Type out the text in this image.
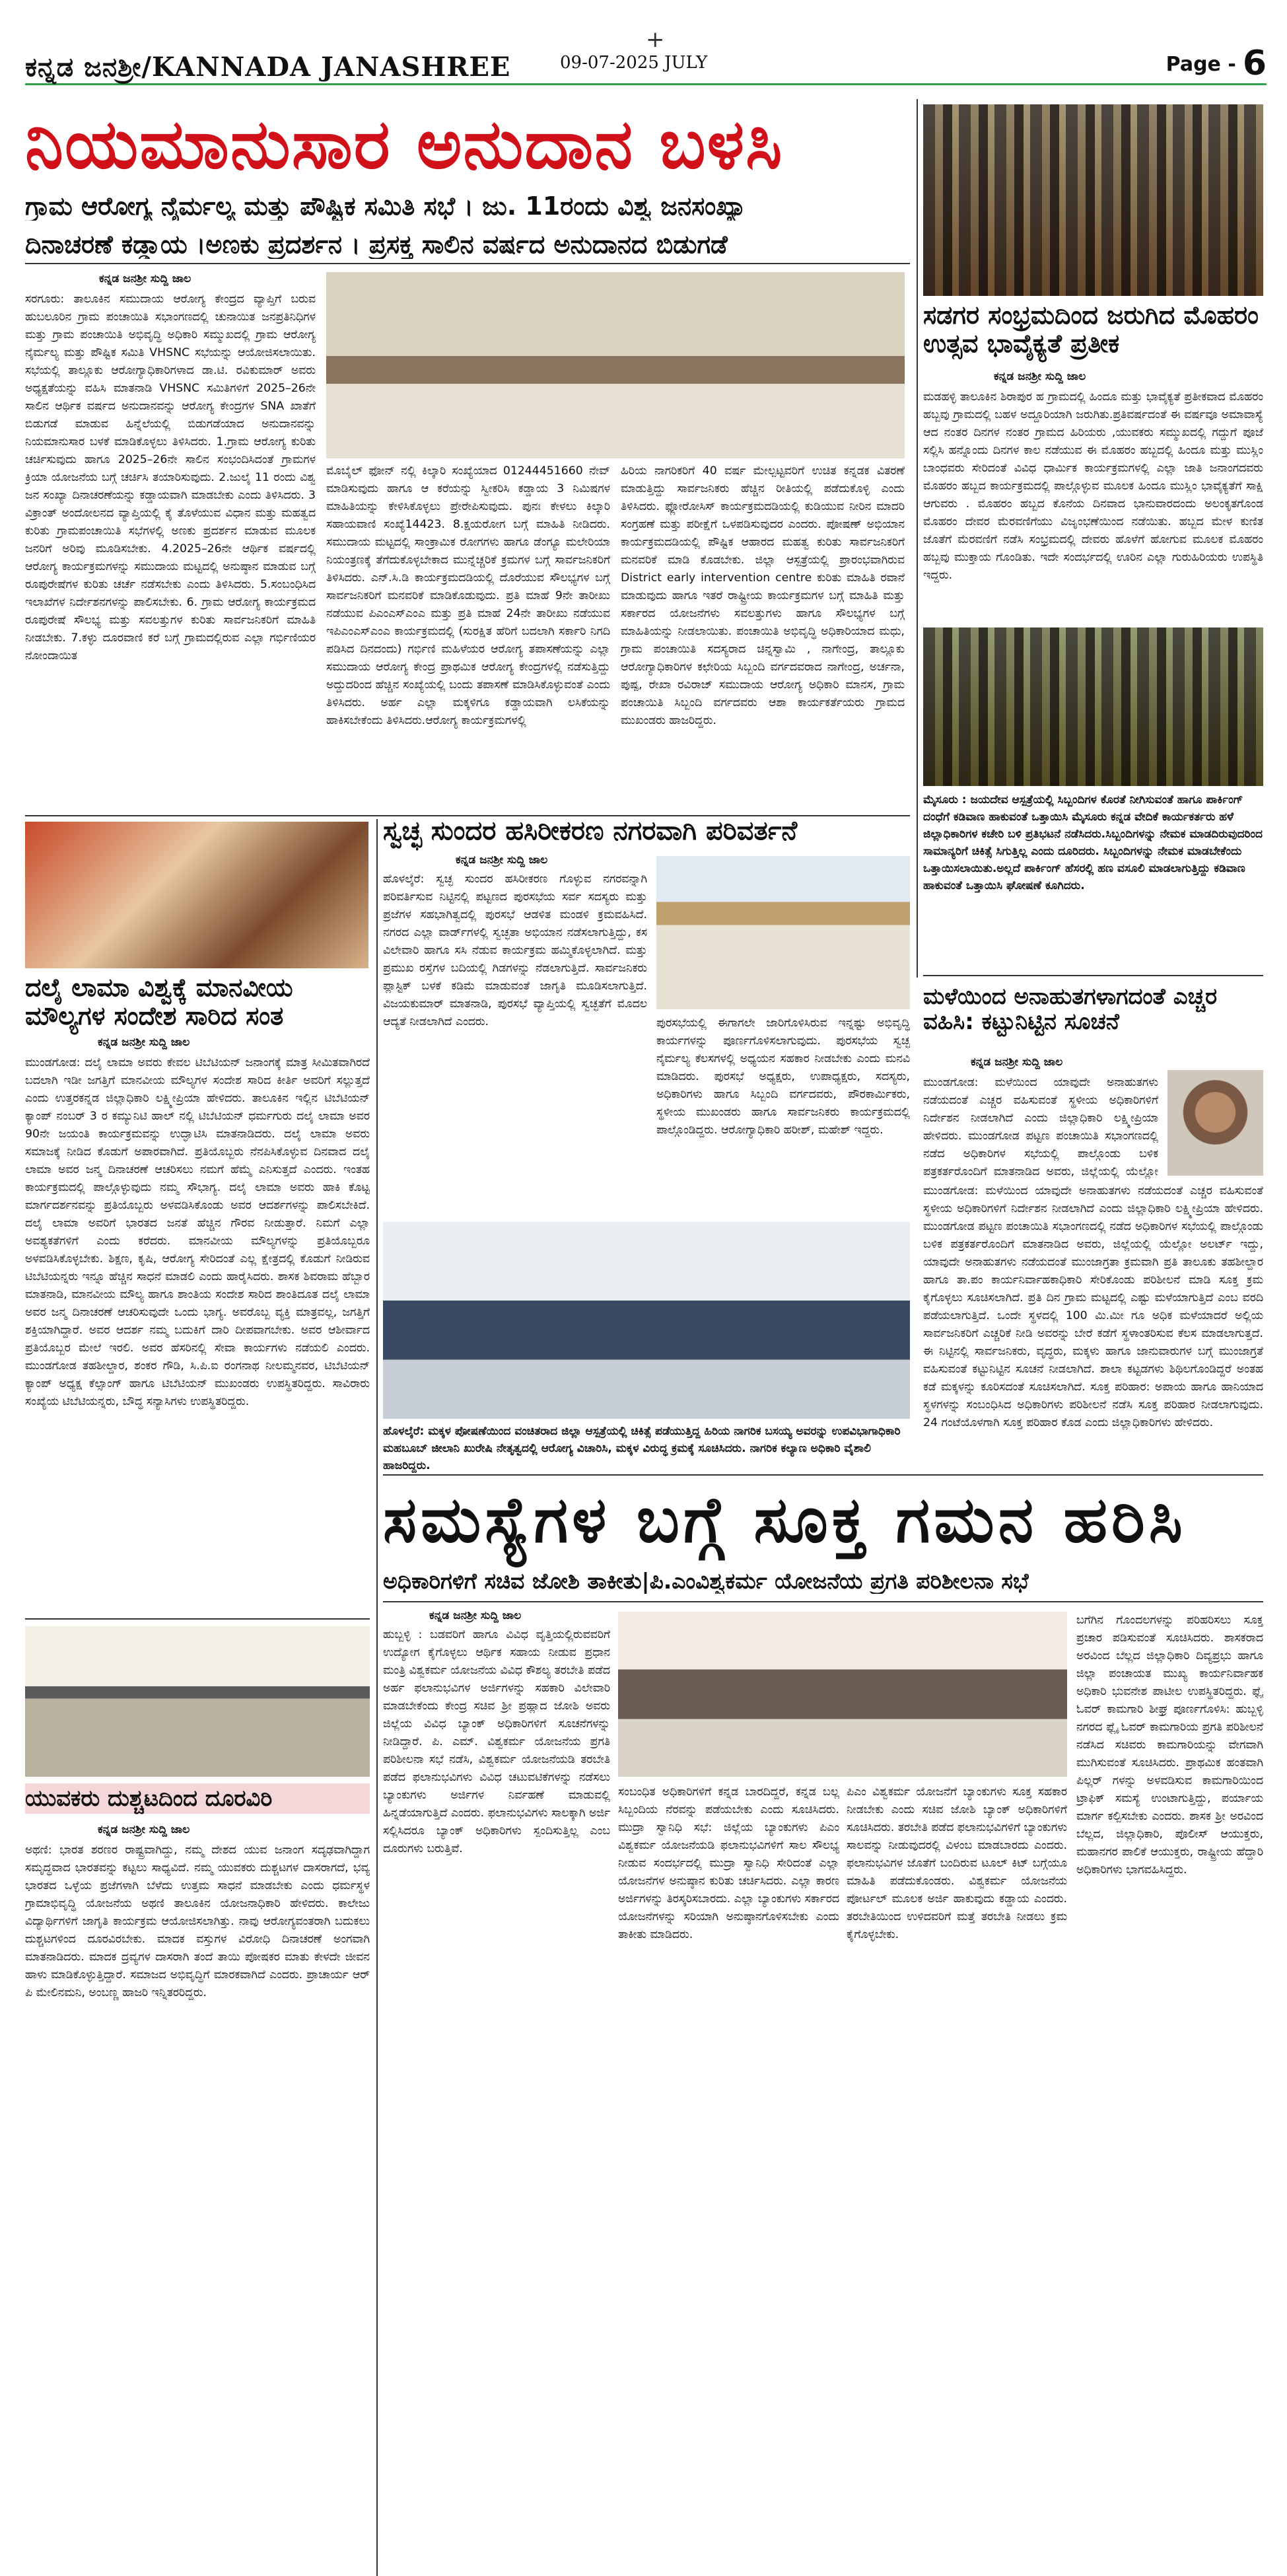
ಕನ್ನಡ ಜನಶ್ರೀ/KANNADA JANASHREE
+
09-07-2025 JULY	Page - 6
ನಿಯಮಾನುಸಾರ ಅನುದಾನ ಬಳಸಿ
ಗ್ರಾಮ ಆರೋಗ್ಯ ನೈರ್ಮಲ್ಯ ಮತ್ತು ಪೌಷ್ಟಿಕ ಸಮಿತಿ ಸಭೆ । ಜು. 11ರಂದು ವಿಶ್ವ ಜನಸಂಖ್ಯಾ
ದಿನಾಚರಣೆ ಕಡ್ಡಾಯ ।ಅಣಕು ಪ್ರದರ್ಶನ । ಪ್ರಸಕ್ತ ಸಾಲಿನ ವರ್ಷದ ಅನುದಾನದ ಬಿಡುಗಡೆ
ಕನ್ನಡ ಜನಶ್ರೀ ಸುದ್ದಿ ಜಾಲ
ಸರಗೂರು: ತಾಲೂಕಿನ ಸಮುದಾಯ ಆರೋಗ್ಯ ಕೇಂದ್ರದ ವ್ಯಾಪ್ತಿಗೆ ಬರುವ ಹುಬಲೂರಿನ ಗ್ರಾಮ ಪಂಚಾಯಿತಿ ಸಭಾಂಗಣದಲ್ಲಿ ಚುನಾಯಿತ ಜನಪ್ರತಿನಿಧಿಗಳ ಮತ್ತು ಗ್ರಾಮ ಪಂಚಾಯಿತಿ ಅಭಿವೃದ್ಧಿ ಅಧಿಕಾರಿ ಸಮ್ಮುಖದಲ್ಲಿ ಗ್ರಾಮ ಆರೋಗ್ಯ ನೈರ್ಮಲ್ಯ ಮತ್ತು ಪೌಷ್ಟಿಕ ಸಮಿತಿ VHSNC ಸಭೆಯನ್ನು ಆಯೋಜಿಸಲಾಯಿತು. ಸಭೆಯಲ್ಲಿ ತಾಲ್ಲೂಕು ಆರೋಗ್ಯಾಧಿಕಾರಿಗಳಾದ ಡಾ.ಟಿ. ರವಿಕುಮಾರ್ ಅವರು ಅಧ್ಯಕ್ಷತೆಯನ್ನು ವಹಿಸಿ ಮಾತನಾಡಿ VHSNC ಸಮಿತಿಗಳಿಗೆ 2025–26ನೇ ಸಾಲಿನ ಆರ್ಥಿಕ ವರ್ಷದ ಅನುದಾನವನ್ನು ಆರೋಗ್ಯ ಕೇಂದ್ರಗಳ SNA ಖಾತೆಗೆ ಬಿಡುಗಡೆ ಮಾಡುವ ಹಿನ್ನೆಲೆಯಲ್ಲಿ ಬಿಡುಗಡೆಯಾದ ಅನುದಾನವನ್ನು ನಿಯಮಾನುಸಾರ ಬಳಕೆ ಮಾಡಿಕೊಳ್ಳಲು ತಿಳಿಸಿದರು. 1.ಗ್ರಾಮ ಆರೋಗ್ಯ ಕುರಿತು ಚರ್ಚಿಸುವುದು ಹಾಗೂ 2025–26ನೇ ಸಾಲಿನ ಸಂಭಂದಿಸಿದಂತೆ ಗ್ರಾಮಗಳ ಕ್ರಿಯಾ ಯೋಜನೆಯ ಬಗ್ಗೆ ಚರ್ಚಿಸಿ ತಯಾರಿಸುವುದು. 2.ಜುಲೈ 11 ರಂದು ವಿಶ್ವ ಜನ ಸಂಖ್ಯಾ ದಿನಾಚರಣೆಯನ್ನು ಕಡ್ಡಾಯವಾಗಿ ಮಾಡಬೇಕು ಎಂದು ತಿಳಿಸಿದರು. 3 ವಿಕ್ರಾಂತ್ ಅಂದೋಲನದ ವ್ಯಾಪ್ತಿಯಲ್ಲಿ ಕೈ ತೊಳೆಯುವ ವಿಧಾನ ಮತ್ತು ಮಹತ್ವದ ಕುರಿತು ಗ್ರಾಮಪಂಚಾಯಿತಿ ಸಭೆಗಳಲ್ಲಿ ಅಣಕು ಪ್ರದರ್ಶನ ಮಾಡುವ ಮೂಲಕ ಜನರಿಗೆ ಅರಿವು ಮೂಡಿಸಬೇಕು. 4.2025–26ನೇ ಆರ್ಥಿಕ ವರ್ಷದಲ್ಲಿ ಆರೋಗ್ಯ ಕಾರ್ಯಕ್ರಮಗಳನ್ನು ಸಮುದಾಯ ಮಟ್ಟದಲ್ಲಿ ಅನುಷ್ಠಾನ ಮಾಡುವ ಬಗ್ಗೆ ರೂಪುರೇಷೆಗಳ ಕುರಿತು ಚರ್ಚೆ ನಡೆಸಬೇಕು ಎಂದು ತಿಳಿಸಿದರು. 5.ಸಂಬಂಧಿಸಿದ ಇಲಾಖೆಗಳ ನಿರ್ದೇಶನಗಳನ್ನು ಪಾಲಿಸಬೇಕು. 6. ಗ್ರಾಮ ಆರೋಗ್ಯ ಕಾರ್ಯಕ್ರಮದ ರೂಪುರೇಷೆ ಸೌಲಭ್ಯ ಮತ್ತು ಸವಲತ್ತುಗಳ ಕುರಿತು ಸಾರ್ವಜನಿಕರಿಗೆ ಮಾಹಿತಿ ನೀಡಬೇಕು. 7.ಕಳ್ಳು ದೂರವಾಣಿ ಕರೆ ಬಗ್ಗೆ ಗ್ರಾಮದಲ್ಲಿರುವ ಎಲ್ಲಾ ಗರ್ಭಿಣಿಯರ ನೋಂದಾಯಿತ
ಮೊಬೈಲ್ ಫೋನ್ ನಲ್ಲಿ ಕಿಲ್ಕಾರಿ ಸಂಖ್ಯೆಯಾದ 01244451660 ನೇವ್ ಮಾಡಿಸುವುದು ಹಾಗೂ ಆ ಕರೆಯನ್ನು ಸ್ವೀಕರಿಸಿ ಕಡ್ಡಾಯ 3 ನಿಮಿಷಗಳ ಮಾಹಿತಿಯನ್ನು ಕೇಳಿಸಿಕೊಳ್ಳಲು ಪ್ರೇರೇಪಿಸುವುದು. ಪುನಃ ಕೇಳಲು ಕಿಲ್ಕಾರಿ ಸಹಾಯವಾಣಿ ಸಂಖ್ಯೆ14423. 8.ಕ್ಷಯರೋಗ ಬಗ್ಗೆ ಮಾಹಿತಿ ನೀಡಿದರು. ಸಮುದಾಯ ಮಟ್ಟದಲ್ಲಿ ಸಾಂಕ್ರಾಮಿಕ ರೋಗಗಳು ಹಾಗೂ ಡೆಂಗ್ಯೂ ಮಲೇರಿಯಾ ನಿಯಂತ್ರಣಕ್ಕೆ ತೆಗೆದುಕೊಳ್ಳಬೇಕಾದ ಮುನ್ನೆಚ್ಚರಿಕೆ ಕ್ರಮಗಳ ಬಗ್ಗೆ ಸಾರ್ವಜನಿಕರಿಗೆ ತಿಳಿಸಿದರು. ಎನ್.ಸಿ.ಡಿ ಕಾರ್ಯಕ್ರಮದಡಿಯಲ್ಲಿ ದೊರೆಯುವ ಸೌಲಭ್ಯಗಳ ಬಗ್ಗೆ ಸಾರ್ವಜನಿಕರಿಗೆ ಮನವರಿಕೆ ಮಾಡಿಕೊಡುವುದು. ಪ್ರತಿ ಮಾಹೆ 9ನೇ ತಾರೀಖು ನಡೆಯುವ ಪಿಎಂಎಸ್ಎಂಎ ಮತ್ತು ಪ್ರತಿ ಮಾಹೆ 24ನೇ ತಾರೀಖು ನಡೆಯುವ ಇಪಿಎಂಎಸ್ಎಂಎ ಕಾರ್ಯಕ್ರಮದಲ್ಲಿ (ಸುರಕ್ಷಿತ ಹೆರಿಗೆ ಬದಲಾಗಿ ಸರ್ಕಾರಿ ನಿಗದಿ ಪಡಿಸಿದ ದಿನದಂದು) ಗರ್ಭಿಣಿ ಮಹಿಳೆಯರ ಆರೋಗ್ಯ ತಪಾಸಣೆಯನ್ನು ಎಲ್ಲಾ ಸಮುದಾಯ ಆರೋಗ್ಯ ಕೇಂದ್ರ ಪ್ರಾಥಮಿಕ ಆರೋಗ್ಯ ಕೇಂದ್ರಗಳಲ್ಲಿ ನಡೆಸುತ್ತಿದ್ದು ಅದ್ದುದರಿಂದ ಹೆಚ್ಚಿನ ಸಂಖ್ಯೆಯಲ್ಲಿ ಬಂದು ತಪಾಸಣೆ ಮಾಡಿಸಿಕೊಳ್ಳುವಂತೆ ಎಂದು ತಿಳಿಸಿದರು. ಅರ್ಹ ಎಲ್ಲಾ ಮಕ್ಕಳಿಗೂ ಕಡ್ಡಾಯವಾಗಿ ಲಸಿಕೆಯನ್ನು ಹಾಕಿಸಬೇಕೆಂದು ತಿಳಿಸಿದರು.ಆರೋಗ್ಯ ಕಾರ್ಯಕ್ರಮಗಳಲ್ಲಿ
ಹಿರಿಯ ನಾಗರಿಕರಿಗೆ 40 ವರ್ಷ ಮೇಲ್ಪಟ್ಟವರಿಗೆ ಉಚಿತ ಕನ್ನಡಕ ವಿತರಣೆ ಮಾಡುತ್ತಿದ್ದು ಸಾರ್ವಜನಿಕರು ಹೆಚ್ಚಿನ ರೀತಿಯಲ್ಲಿ ಪಡೆದುಕೊಳ್ಳಿ ಎಂದು ತಿಳಿಸಿದರು. ಫ್ಲೋರೋಸಿಸ್ ಕಾರ್ಯಕ್ರಮದಡಿಯಲ್ಲಿ ಕುಡಿಯುವ ನೀರಿನ ಮಾದರಿ ಸಂಗ್ರಹಣೆ ಮತ್ತು ಪರೀಕ್ಷೆಗೆ ಒಳಪಡಿಸುವುದರ ಎಂದರು. ಪೋಷಣ್ ಅಭಿಯಾನ ಕಾರ್ಯಕ್ರಮದಡಿಯಲ್ಲಿ ಪೌಷ್ಟಿಕ ಆಹಾರದ ಮಹತ್ವ ಕುರಿತು ಸಾರ್ವಜನಿಕರಿಗೆ ಮನವರಿಕೆ ಮಾಡಿ ಕೊಡಬೇಕು. ಜಿಲ್ಲಾ ಆಸ್ಪತ್ರೆಯಲ್ಲಿ ಪ್ರಾರಂಭವಾಗಿರುವ District early intervention centre ಕುರಿತು ಮಾಹಿತಿ ರವಾನೆ ಮಾಡುವುದು ಹಾಗೂ ಇತರೆ ರಾಷ್ಟ್ರೀಯ ಕಾರ್ಯಕ್ರಮಗಳ ಬಗ್ಗೆ ಮಾಹಿತಿ ಮತ್ತು ಸರ್ಕಾರದ ಯೋಜನೆಗಳು ಸವಲತ್ತುಗಳು ಹಾಗೂ ಸೌಲಭ್ಯಗಳ ಬಗ್ಗೆ ಮಾಹಿತಿಯನ್ನು ನೀಡಲಾಯಿತು. ಪಂಚಾಯಿತಿ ಅಭಿವೃದ್ಧಿ ಅಧಿಕಾರಿಯಾದ ಮಧು, ಗ್ರಾಮ ಪಂಚಾಯಿತಿ ಸದಸ್ಯರಾದ ಚಿನ್ನಸ್ವಾಮಿ , ನಾಗೇಂದ್ರ, ತಾಲ್ಲೂಕು ಆರೋಗ್ಯಾಧಿಕಾರಿಗಳ ಕಛೇರಿಯ ಸಿಬ್ಬಂದಿ ವರ್ಗದವರಾದ ನಾಗೇಂದ್ರ, ಅರ್ಚನಾ, ಪುಷ್ಪ, ರೇಖಾ ರವಿರಾಜ್ ಸಮುದಾಯ ಆರೋಗ್ಯ ಅಧಿಕಾರಿ ಮಾನಸ, ಗ್ರಾಮ ಪಂಚಾಯಿತಿ ಸಿಬ್ಬಂದಿ ವರ್ಗದವರು ಆಶಾ ಕಾರ್ಯಕರ್ತೆಯರು ಗ್ರಾಮದ ಮುಖಂಡರು ಹಾಜರಿದ್ದರು.
ಸಡಗರ ಸಂಭ್ರಮದಿಂದ ಜರುಗಿದ ಮೊಹರಂ ಉತ್ಸವ ಭಾವೈಕ್ಯತೆ ಪ್ರತೀಕ
ಕನ್ನಡ ಜನಶ್ರೀ ಸುದ್ದಿ ಜಾಲ
ಮಡಹಳ್ಳಿ ತಾಲೂಕಿನ ಶಿರಾಪುರ ಹ ಗ್ರಾಮದಲ್ಲಿ ಹಿಂದೂ ಮತ್ತು ಭಾವೈಕ್ಯತೆ ಪ್ರತೀಕವಾದ ಮೊಹರಂ ಹಬ್ಬವು ಗ್ರಾಮದಲ್ಲಿ ಬಹಳ ಅದ್ದೂರಿಯಾಗಿ ಜರುಗಿತು.ಪ್ರತಿವರ್ಷದಂತೆ ಈ ವರ್ಷವೂ ಅಮಾವಾಸ್ಯೆ ಆದ ನಂತರ ದಿನಗಳ ನಂತರ ಗ್ರಾಮದ ಹಿರಿಯರು ,ಯುವಕರು ಸಮ್ಮುಖದಲ್ಲಿ ಗದ್ದುಗೆ ಪೂಜೆ ಸಲ್ಲಿಸಿ ಹನ್ನೊಂದು ದಿನಗಳ ಕಾಲ ನಡೆಯುವ ಈ ಮೊಹರಂ ಹಬ್ಬದಲ್ಲಿ ಹಿಂದೂ ಮತ್ತು ಮುಸ್ಲಿಂ ಬಾಂಧವರು ಸೇರಿದಂತೆ ವಿವಿಧ ಧಾರ್ಮಿಕ ಕಾರ್ಯಕ್ರಮಗಳಲ್ಲಿ ಎಲ್ಲಾ ಜಾತಿ ಜನಾಂಗದವರು ಮೊಹರಂ ಹಬ್ಬದ ಕಾರ್ಯಕ್ರಮದಲ್ಲಿ ಪಾಲ್ಗೊಳ್ಳುವ ಮೂಲಕ ಹಿಂದೂ ಮುಸ್ಲಿಂ ಭಾವೈಕ್ಯತೆಗೆ ಸಾಕ್ಷಿ ಆಗುವರು . ಮೊಹರಂ ಹಬ್ಬದ ಕೊನೆಯ ದಿನವಾದ ಭಾನುವಾರದಂದು ಅಲಂಕೃತಗೊಂಡ ಮೊಹರಂ ದೇವರ ಮೆರವಣಿಗೆಯು ವಿಜೃಂಭಣೆಯಿಂದ ನಡೆಯಿತು. ಹಬ್ಬದ ಮೇಳ ಕುಣಿತ ಜೊತೆಗೆ ಮೆರವಣಿಗೆ ನಡೆಸಿ ಸಂಭ್ರಮದಲ್ಲಿ ದೇವರು ಹೊಳೆಗೆ ಹೋಗುವ ಮೂಲಕ ಮೊಹರಂ ಹಬ್ಬವು ಮುಕ್ತಾಯ ಗೊಂಡಿತು. ಇದೇ ಸಂದರ್ಭದಲ್ಲಿ ಊರಿನ ಎಲ್ಲಾ ಗುರುಹಿರಿಯರು ಉಪಸ್ಥಿತಿ ಇದ್ದರು.
ಮೈಸೂರು : ಜಯದೇವ ಆಸ್ಪತ್ರೆಯಲ್ಲಿ ಸಿಬ್ಬಂದಿಗಳ ಕೊರತೆ ನೀಗಿಸುವಂತೆ ಹಾಗೂ ಪಾರ್ಕಿಂಗ್ ದಂಧೆಗೆ ಕಡಿವಾಣ ಹಾಕುವಂತೆ ಒತ್ತಾಯಿಸಿ ಮೈಸೂರು ಕನ್ನಡ ವೇದಿಕೆ ಕಾರ್ಯಕರ್ತರು ಹಳೆ ಜಿಲ್ಲಾಧಿಕಾರಿಗಳ ಕಚೇರಿ ಬಳಿ ಪ್ರತಿಭಟನೆ ನಡೆಸಿದರು.ಸಿಬ್ಬಂದಿಗಳನ್ನು ನೇಮಕ ಮಾಡದಿರುವುದರಿಂದ ಸಾಮಾನ್ಯರಿಗೆ ಚಿಕಿತ್ಸೆ ಸಿಗುತ್ತಿಲ್ಲ ಎಂದು ದೂರಿದರು. ಸಿಬ್ಬಂದಿಗಳನ್ನು ನೇಮಕ ಮಾಡಬೇಕೆಂದು ಒತ್ತಾಯಿಸಲಾಯಿತು.ಅಲ್ಲದೆ ಪಾರ್ಕಿಂಗ್ ಹೆಸರಲ್ಲಿ ಹಣ ವಸೂಲಿ ಮಾಡಲಾಗುತ್ತಿದ್ದು ಕಡಿವಾಣ ಹಾಕುವಂತೆ ಒತ್ತಾಯಿಸಿ ಘೋಷಣೆ ಕೂಗಿದರು.
ಮಳೆಯಿಂದ ಅನಾಹುತಗಳಾಗದಂತೆ ಎಚ್ಚರ ವಹಿಸಿ: ಕಟ್ಟುನಿಟ್ಟಿನ ಸೂಚನೆ
ಕನ್ನಡ ಜನಶ್ರೀ ಸುದ್ದಿ ಜಾಲ
ಮುಂಡಗೋಡ: ಮಳೆಯಿಂದ ಯಾವುದೇ ಅನಾಹುತಗಳು ನಡೆಯದಂತೆ ಎಚ್ಚರ ವಹಿಸುವಂತೆ ಸ್ಥಳೀಯ ಅಧಿಕಾರಿಗಳಿಗೆ ನಿರ್ದೇಶನ ನೀಡಲಾಗಿದೆ ಎಂದು ಜಿಲ್ಲಾಧಿಕಾರಿ ಲಕ್ಷ್ಮೀಪ್ರಿಯಾ ಹೇಳಿದರು. ಮುಂಡಗೋಡ ಪಟ್ಟಣ ಪಂಚಾಯಿತಿ ಸಭಾಂಗಣದಲ್ಲಿ ನಡೆದ ಅಧಿಕಾರಿಗಳ ಸಭೆಯಲ್ಲಿ ಪಾಲ್ಗೊಂಡು ಬಳಿಕ ಪತ್ರಕರ್ತರೊಂದಿಗೆ ಮಾತನಾಡಿದ ಅವರು, ಜಿಲ್ಲೆಯಲ್ಲಿ ಯೆಲ್ಲೋ
ಮುಂಡಗೋಡ: ಮಳೆಯಿಂದ ಯಾವುದೇ ಅನಾಹುತಗಳು ನಡೆಯದಂತೆ ಎಚ್ಚರ ವಹಿಸುವಂತೆ ಸ್ಥಳೀಯ ಅಧಿಕಾರಿಗಳಿಗೆ ನಿರ್ದೇಶನ ನೀಡಲಾಗಿದೆ ಎಂದು ಜಿಲ್ಲಾಧಿಕಾರಿ ಲಕ್ಷ್ಮೀಪ್ರಿಯಾ ಹೇಳಿದರು. ಮುಂಡಗೋಡ ಪಟ್ಟಣ ಪಂಚಾಯಿತಿ ಸಭಾಂಗಣದಲ್ಲಿ ನಡೆದ ಅಧಿಕಾರಿಗಳ ಸಭೆಯಲ್ಲಿ ಪಾಲ್ಗೊಂಡು ಬಳಿಕ ಪತ್ರಕರ್ತರೊಂದಿಗೆ ಮಾತನಾಡಿದ ಅವರು, ಜಿಲ್ಲೆಯಲ್ಲಿ ಯೆಲ್ಲೋ ಅಲರ್ಟ್ ಇದ್ದು, ಯಾವುದೇ ಅನಾಹುತಗಳು ನಡೆಯದಂತೆ ಮುಂಜಾಗ್ರತಾ ಕ್ರಮವಾಗಿ ಪ್ರತಿ ತಾಲೂಕು ತಹಶೀಲ್ದಾರ ಹಾಗೂ ತಾ.ಪಂ ಕಾರ್ಯನಿರ್ವಾಹಕಾಧಿಕಾರಿ ಸೇರಿಕೊಂಡು ಪರಿಶೀಲನೆ ಮಾಡಿ ಸೂಕ್ತ ಕ್ರಮ ಕೈಗೊಳ್ಳಲು ಸೂಚಿಸಲಾಗಿದೆ. ಪ್ರತಿ ದಿನ ಗ್ರಾಮ ಮಟ್ಟದಲ್ಲಿ ಎಷ್ಟು ಮಳೆಯಾಗುತ್ತಿದೆ ಎಂಬ ವರದಿ ಪಡೆಯಲಾಗುತ್ತಿದೆ. ಒಂದೇ ಸ್ಥಳದಲ್ಲಿ 100 ಮಿ.ಮೀ ಗೂ ಅಧಿಕ ಮಳೆಯಾದರೆ ಅಲ್ಲಿಯ ಸಾರ್ವಜನಿಕರಿಗೆ ಎಚ್ಚರಿಕೆ ನೀಡಿ ಅವರನ್ನು ಬೇರೆ ಕಡೆಗೆ ಸ್ಥಳಾಂತರಿಸುವ ಕೆಲಸ ಮಾಡಲಾಗುತ್ತದೆ. ಈ ನಿಟ್ಟಿನಲ್ಲಿ ಸಾರ್ವಜನಿಕರು, ವೃದ್ಧರು, ಮಕ್ಕಳು ಹಾಗೂ ಜಾನುವಾರುಗಳ ಬಗ್ಗೆ ಮುಂಜಾಗ್ರತೆ ವಹಿಸುವಂತೆ ಕಟ್ಟುನಿಟ್ಟಿನ ಸೂಚನೆ ನೀಡಲಾಗಿದೆ. ಶಾಲಾ ಕಟ್ಟಡಗಳು ಶಿಥಿಲಗೊಂಡಿದ್ದರೆ ಅಂತಹ ಕಡೆ ಮಕ್ಕಳನ್ನು ಕೂರಿಸದಂತೆ ಸೂಚಿಸಲಾಗಿದೆ. ಸೂಕ್ತ ಪರಿಹಾರ: ಅಪಾಯ ಹಾಗೂ ಹಾನಿಯಾದ ಸ್ಥಳಗಳನ್ನು ಸಂಬಂಧಿಸಿದ ಅಧಿಕಾರಿಗಳು ಪರಿಶೀಲನೆ ನಡೆಸಿ ಸೂಕ್ತ ಪರಿಹಾರ ನೀಡಲಾಗುವುದು. 24 ಗಂಟೆಯೊಳಗಾಗಿ ಸೂಕ್ತ ಪರಿಹಾರ ಕೊಡ ಎಂದು ಜಿಲ್ಲಾಧಿಕಾರಿಗಳು ಹೇಳಿದರು.
ದಲೈ ಲಾಮಾ ವಿಶ್ವಕ್ಕೆ ಮಾನವೀಯ ಮೌಲ್ಯಗಳ ಸಂದೇಶ ಸಾರಿದ ಸಂತ
ಕನ್ನಡ ಜನಶ್ರೀ ಸುದ್ದಿ ಜಾಲ
ಮುಂಡಗೋಡ: ದಲೈ ಲಾಮಾ ಅವರು ಕೇವಲ ಟಿಬೆಟಿಯನ್ ಜನಾಂಗಕ್ಕೆ ಮಾತ್ರ ಸೀಮಿತವಾಗಿರದೆ ಬದಲಾಗಿ ಇಡೀ ಜಗತ್ತಿಗೆ ಮಾನವೀಯ ಮೌಲ್ಯಗಳ ಸಂದೇಶ ಸಾರಿದ ಕೀರ್ತಿ ಅವರಿಗೆ ಸಲ್ಲುತ್ತದೆ ಎಂದು ಉತ್ತರಕನ್ನಡ ಜಿಲ್ಲಾಧಿಕಾರಿ ಲಕ್ಷ್ಮೀಪ್ರಿಯಾ ಹೇಳಿದರು. ತಾಲೂಕಿನ ಇಲ್ಲಿನ ಟಿಬೆಟಿಯನ್ ಕ್ಯಾಂಪ್ ನಂಬರ್ 3 ರ ಕಮ್ಯುನಿಟಿ ಹಾಲ್ ನಲ್ಲಿ ಟಿಬೆಟಿಯನ್ ಧರ್ಮಗುರು ದಲೈ ಲಾಮಾ ಅವರ 90ನೇ ಜಯಂತಿ ಕಾರ್ಯಕ್ರಮವನ್ನು ಉದ್ಘಾಟಿಸಿ ಮಾತನಾಡಿದರು. ದಲೈ ಲಾಮಾ ಅವರು ಸಮಾಜಕ್ಕೆ ನೀಡಿದ ಕೊಡುಗೆ ಅಪಾರವಾಗಿದೆ. ಪ್ರತಿಯೊಬ್ಬರು ನೆನಪಿಸಿಕೊಳ್ಳುವ ದಿನವಾದ ದಲೈ ಲಾಮಾ ಅವರ ಜನ್ಮ ದಿನಾಚರಣೆ ಆಚರಿಸಲು ನಮಗೆ ಹೆಮ್ಮೆ ಎನಿಸುತ್ತದೆ ಎಂದರು. ಇಂತಹ ಕಾರ್ಯಕ್ರಮದಲ್ಲಿ ಪಾಲ್ಗೊಳ್ಳುವುದು ನಮ್ಮ ಸೌಭಾಗ್ಯ. ದಲೈ ಲಾಮಾ ಅವರು ಹಾಕಿ ಕೊಟ್ಟ ಮಾರ್ಗದರ್ಶನವನ್ನು ಪ್ರತಿಯೊಬ್ಬರು ಅಳವಡಿಸಿಕೊಂಡು ಅವರ ಆದರ್ಶಗಳನ್ನು ಪಾಲಿಸಬೇಕಿದೆ. ದಲೈ ಲಾಮಾ ಅವರಿಗೆ ಭಾರತದ ಜನತೆ ಹೆಚ್ಚಿನ ಗೌರವ ನೀಡುತ್ತಾರೆ. ನಿಮಗೆ ಎಲ್ಲಾ ಅವಶ್ಯಕತೆಗಳಿಗೆ ಎಂದು ಕರೆದರು. ಮಾನವೀಯ ಮೌಲ್ಯಗಳನ್ನು ಪ್ರತಿಯೊಬ್ಬರೂ ಅಳವಡಿಸಿಕೊಳ್ಳಬೇಕು. ಶಿಕ್ಷಣ, ಕೃಷಿ, ಆರೋಗ್ಯ ಸೇರಿದಂತೆ ಎಲ್ಲ ಕ್ಷೇತ್ರದಲ್ಲಿ ಕೊಡುಗೆ ನೀಡಿರುವ ಟಿಬೆಟಿಯನ್ನರು ಇನ್ನೂ ಹೆಚ್ಚಿನ ಸಾಧನೆ ಮಾಡಲಿ ಎಂದು ಹಾರೈಸಿದರು. ಶಾಸಕ ಶಿವರಾಮ ಹೆಬ್ಬಾರ ಮಾತನಾಡಿ, ಮಾನವೀಯ ಮೌಲ್ಯ ಹಾಗೂ ಶಾಂತಿಯ ಸಂದೇಶ ಸಾರಿದ ಶಾಂತಿದೂತ ದಲೈ ಲಾಮಾ ಅವರ ಜನ್ಮ ದಿನಾಚರಣೆ ಆಚರಿಸುವುದೇ ಒಂದು ಭಾಗ್ಯ. ಅವರೊಬ್ಬ ವ್ಯಕ್ತಿ ಮಾತ್ರವಲ್ಲ, ಜಗತ್ತಿಗೆ ಶಕ್ತಿಯಾಗಿದ್ದಾರೆ. ಅವರ ಆದರ್ಶ ನಮ್ಮ ಬದುಕಿಗೆ ದಾರಿ ದೀಪವಾಗಬೇಕು. ಅವರ ಆಶೀರ್ವಾದ ಪ್ರತಿಯೊಬ್ಬರ ಮೇಲೆ ಇರಲಿ. ಅವರ ಹೆಸರಿನಲ್ಲಿ ಸೇವಾ ಕಾರ್ಯಗಳು ನಡೆಯಲಿ ಎಂದರು. ಮುಂಡಗೋಡ ತಹಶೀಲ್ದಾರ, ಶಂಕರ ಗೌಡಿ, ಸಿ.ಪಿ.ಐ ರಂಗನಾಥ ನೀಲಮ್ಮನವರ, ಟಿಬೆಟಿಯನ್ ಕ್ಯಾಂಪ್ ಅಧ್ಯಕ್ಷ ಕೆಲ್ಸಾಂಗ್ ಹಾಗೂ ಟಿಬೆಟಿಯನ್ ಮುಖಂಡರು ಉಪಸ್ಥಿತರಿದ್ದರು. ಸಾವಿರಾರು ಸಂಖ್ಯೆಯ ಟಿಬೆಟಿಯನ್ನರು, ಬೌದ್ಧ ಸನ್ಯಾಸಿಗಳು ಉಪಸ್ಥಿತರಿದ್ದರು.
ಸ್ವಚ್ಛ ಸುಂದರ ಹಸಿರೀಕರಣ ನಗರವಾಗಿ ಪರಿವರ್ತನೆ
ಕನ್ನಡ ಜನಶ್ರೀ ಸುದ್ದಿ ಜಾಲ
ಹೊಳಲ್ಕೆರೆ: ಸ್ವಚ್ಛ ಸುಂದರ ಹಸಿರೀಕರಣ ಗೊಳ್ಳುವ ನಗರವನ್ನಾಗಿ ಪರಿವರ್ತಿಸುವ ನಿಟ್ಟಿನಲ್ಲಿ ಪಟ್ಟಣದ ಪುರಸಭೆಯ ಸರ್ವ ಸದಸ್ಯರು ಮತ್ತು ಪ್ರಜೆಗಳ ಸಹಭಾಗಿತ್ವದಲ್ಲಿ ಪುರಸಭೆ ಆಡಳಿತ ಮಂಡಳಿ ಕ್ರಮವಹಿಸಿದೆ. ನಗರದ ಎಲ್ಲಾ ವಾರ್ಡ್‌ಗಳಲ್ಲಿ ಸ್ವಚ್ಛತಾ ಅಭಿಯಾನ ನಡೆಸಲಾಗುತ್ತಿದ್ದು, ಕಸ ವಿಲೇವಾರಿ ಹಾಗೂ ಸಸಿ ನೆಡುವ ಕಾರ್ಯಕ್ರಮ ಹಮ್ಮಿಕೊಳ್ಳಲಾಗಿದೆ. ಮತ್ತು ಪ್ರಮುಖ ರಸ್ತೆಗಳ ಬದಿಯಲ್ಲಿ ಗಿಡಗಳನ್ನು ನೆಡಲಾಗುತ್ತಿದೆ. ಸಾರ್ವಜನಿಕರು ಪ್ಲಾಸ್ಟಿಕ್ ಬಳಕೆ ಕಡಿಮೆ ಮಾಡುವಂತೆ ಜಾಗೃತಿ ಮೂಡಿಸಲಾಗುತ್ತಿದೆ. ವಿಜಯಕುಮಾರ್ ಮಾತನಾಡಿ, ಪುರಸಭೆ ವ್ಯಾಪ್ತಿಯಲ್ಲಿ ಸ್ವಚ್ಛತೆಗೆ ಮೊದಲ ಆದ್ಯತೆ ನೀಡಲಾಗಿದೆ ಎಂದರು.	ಪುರಸಭೆಯಲ್ಲಿ ಈಗಾಗಲೇ ಜಾರಿಗೊಳಿಸಿರುವ ಇನ್ನಷ್ಟು ಅಭಿವೃದ್ಧಿ ಕಾರ್ಯಗಳನ್ನು ಪೂರ್ಣಗೊಳಿಸಲಾಗುವುದು. ಪುರಸಭೆಯ ಸ್ವಚ್ಛ ನೈರ್ಮಲ್ಯ ಕೆಲಸಗಳಲ್ಲಿ ಅಧ್ಯಯನ ಸಹಕಾರ ನೀಡಬೇಕು ಎಂದು ಮನವಿ ಮಾಡಿದರು. ಪುರಸಭೆ ಅಧ್ಯಕ್ಷರು, ಉಪಾಧ್ಯಕ್ಷರು, ಸದಸ್ಯರು, ಅಧಿಕಾರಿಗಳು ಹಾಗೂ ಸಿಬ್ಬಂದಿ ವರ್ಗದವರು, ಪೌರಕಾರ್ಮಿಕರು, ಸ್ಥಳೀಯ ಮುಖಂಡರು ಹಾಗೂ ಸಾರ್ವಜನಿಕರು ಕಾರ್ಯಕ್ರಮದಲ್ಲಿ ಪಾಲ್ಗೊಂಡಿದ್ದರು. ಆರೋಗ್ಯಾಧಿಕಾರಿ ಹರೀಶ್, ಮಹೇಶ್ ಇದ್ದರು.
ಹೊಳಲ್ಕೆರೆ: ಮಕ್ಕಳ ಪೋಷಣೆಯಿಂದ ವಂಚಿತರಾದ ಜಿಲ್ಲಾ ಆಸ್ಪತ್ರೆಯಲ್ಲಿ ಚಿಕಿತ್ಸೆ ಪಡೆಯುತ್ತಿದ್ದ ಹಿರಿಯ ನಾಗರಿಕ ಬಸಯ್ಯ ಅವರನ್ನು ಉಪವಿಭಾಗಾಧಿಕಾರಿ ಮಹಬೂಬ್ ಜೀಲಾನಿ ಖುರೇಷಿ ನೇತೃತ್ವದಲ್ಲಿ ಆರೋಗ್ಯ ವಿಚಾರಿಸಿ, ಮಕ್ಕಳ ವಿರುದ್ಧ ಕ್ರಮಕ್ಕೆ ಸೂಚಿಸಿದರು. ನಾಗರಿಕ ಕಲ್ಯಾಣ ಅಧಿಕಾರಿ ವೈಶಾಲಿ ಹಾಜರಿದ್ದರು.
ಸಮಸ್ಯೆಗಳ ಬಗ್ಗೆ ಸೂಕ್ತ ಗಮನ ಹರಿಸಿ
ಅಧಿಕಾರಿಗಳಿಗೆ ಸಚಿವ ಜೋಶಿ ತಾಕೀತು|ಪಿ.ಎಂವಿಶ್ವಕರ್ಮ ಯೋಜನೆಯ ಪ್ರಗತಿ ಪರಿಶೀಲನಾ ಸಭೆ
ಕನ್ನಡ ಜನಶ್ರೀ ಸುದ್ದಿ ಜಾಲ
ಹುಬ್ಬಳ್ಳಿ : ಬಡವರಿಗೆ ಹಾಗೂ ವಿವಿಧ ವೃತ್ತಿಯಲ್ಲಿರುವವರಿಗೆ ಉದ್ಯೋಗ ಕೈಗೊಳ್ಳಲು ಆರ್ಥಿಕ ಸಹಾಯ ನೀಡುವ ಪ್ರಧಾನ ಮಂತ್ರಿ ವಿಶ್ವಕರ್ಮ ಯೋಜನೆಯ ವಿವಿಧ ಕೌಶಲ್ಯ ತರಬೇತಿ ಪಡೆದ ಅರ್ಹ ಫಲಾನುಭವಿಗಳ ಅರ್ಜಿಗಳನ್ನು ಸಹಕಾರಿ ವಿಲೇವಾರಿ ಮಾಡಬೇಕೆಂದು ಕೇಂದ್ರ ಸಚಿವ ಶ್ರೀ ಪ್ರಹ್ಲಾದ ಜೋಶಿ ಅವರು ಜಿಲ್ಲೆಯ ವಿವಿಧ ಬ್ಯಾಂಕ್ ಅಧಿಕಾರಿಗಳಿಗೆ ಸೂಚನೆಗಳನ್ನು ನೀಡಿದ್ದಾರೆ. ಪಿ. ಎಮ್. ವಿಶ್ವಕರ್ಮ ಯೋಜನೆಯ ಪ್ರಗತಿ ಪರಿಶೀಲನಾ ಸಭೆ ನಡೆಸಿ, ವಿಶ್ವಕರ್ಮ ಯೋಜನೆಯಡಿ ತರಬೇತಿ ಪಡೆದ ಫಲಾನುಭವಿಗಳು ವಿವಿಧ ಚಟುವಟಿಕೆಗಳನ್ನು ನಡೆಸಲು ಬ್ಯಾಂಕುಗಳು ಅರ್ಜಿಗಳ ನಿರ್ವಹಣೆ ಮಾಡುವಲ್ಲಿ ಹಿನ್ನಡೆಯಾಗುತ್ತಿದೆ ಎಂದರು. ಫಲಾನುಭವಿಗಳು ಸಾಲಕ್ಕಾಗಿ ಅರ್ಜಿ ಸಲ್ಲಿಸಿದರೂ ಬ್ಯಾಂಕ್ ಅಧಿಕಾರಿಗಳು ಸ್ಪಂದಿಸುತ್ತಿಲ್ಲ ಎಂಬ ದೂರುಗಳು ಬರುತ್ತಿವೆ.
ಸಂಬಂಧಿತ ಅಧಿಕಾರಿಗಳಿಗೆ ಕನ್ನಡ ಬಾರದಿದ್ದರೆ, ಕನ್ನಡ ಬಲ್ಲ ಸಿಬ್ಬಂದಿಯ ನೆರವನ್ನು ಪಡೆಯಬೇಕು ಎಂದು ಸೂಚಿಸಿದರು. ಮುದ್ರಾ ಸ್ವಾನಿಧಿ ಸಭೆ: ಜಿಲ್ಲೆಯ ಬ್ಯಾಂಕುಗಳು ಪಿಎಂ ವಿಶ್ವಕರ್ಮ ಯೋಜನೆಯಡಿ ಫಲಾನುಭವಿಗಳಿಗೆ ಸಾಲ ಸೌಲಭ್ಯ ನೀಡುವ ಸಂದರ್ಭದಲ್ಲಿ ಮುದ್ರಾ ಸ್ವಾನಿಧಿ ಸೇರಿದಂತೆ ಎಲ್ಲಾ ಯೋಜನೆಗಳ ಅನುಷ್ಠಾನ ಕುರಿತು ಚರ್ಚಿಸಿದರು. ಎಲ್ಲಾ ಕಾರಣ ಅರ್ಜಿಗಳನ್ನು ತಿರಸ್ಕರಿಸಬಾರದು. ಎಲ್ಲಾ ಬ್ಯಾಂಕುಗಳು ಸರ್ಕಾರದ ಯೋಜನೆಗಳನ್ನು ಸರಿಯಾಗಿ ಅನುಷ್ಠಾನಗೊಳಿಸಬೇಕು ಎಂದು ತಾಕೀತು ಮಾಡಿದರು.
ಪಿಎಂ ವಿಶ್ವಕರ್ಮ ಯೋಜನೆಗೆ ಬ್ಯಾಂಕುಗಳು ಸೂಕ್ತ ಸಹಕಾರ ನೀಡಬೇಕು ಎಂದು ಸಚಿವ ಜೋಶಿ ಬ್ಯಾಂಕ್ ಅಧಿಕಾರಿಗಳಿಗೆ ಸೂಚಿಸಿದರು. ತರಬೇತಿ ಪಡೆದ ಫಲಾನುಭವಿಗಳಿಗೆ ಬ್ಯಾಂಕುಗಳು ಸಾಲವನ್ನು ನೀಡುವುದರಲ್ಲಿ ವಿಳಂಬ ಮಾಡಬಾರದು ಎಂದರು. ಫಲಾನುಭವಿಗಳ ಜೊತೆಗೆ ಬಂದಿರುವ ಟೂಲ್ ಕಿಟ್ ಬಗ್ಗೆಯೂ ಮಾಹಿತಿ ಪಡೆದುಕೊಂಡರು. ವಿಶ್ವಕರ್ಮ ಯೋಜನೆಯ ಪೋರ್ಟಲ್ ಮೂಲಕ ಅರ್ಜಿ ಹಾಕುವುದು ಕಡ್ಡಾಯ ಎಂದರು. ತರಬೇತಿಯಿಂದ ಉಳಿದವರಿಗೆ ಮತ್ತೆ ತರಬೇತಿ ನೀಡಲು ಕ್ರಮ ಕೈಗೊಳ್ಳಬೇಕು.
ಬಗೆಗಿನ ಗೊಂದಲಗಳನ್ನು ಪರಿಹರಿಸಲು ಸೂಕ್ತ ಪ್ರಚಾರ ಪಡಿಸುವಂತೆ ಸೂಚಿಸಿದರು. ಶಾಸಕರಾದ ಅರವಿಂದ ಬೆಲ್ಲದ ಜಿಲ್ಲಾಧಿಕಾರಿ ದಿವ್ಯಪ್ರಭು ಹಾಗೂ ಜಿಲ್ಲಾ ಪಂಚಾಯತ ಮುಖ್ಯ ಕಾರ್ಯನಿರ್ವಾಹಕ ಅಧಿಕಾರಿ ಭುವನೇಶ ಪಾಟೀಲ ಉಪಸ್ಥಿತರಿದ್ದರು. ಫ್ಲೈ ಓವರ್ ಕಾಮಗಾರಿ ಶೀಘ್ರ ಪೂರ್ಣಗೊಳಿಸಿ: ಹುಬ್ಬಳ್ಳಿ ನಗರದ ಫ್ಲೈ ಓವರ್ ಕಾಮಗಾರಿಯ ಪ್ರಗತಿ ಪರಿಶೀಲನೆ ನಡೆಸಿದ ಸಚಿವರು ಕಾಮಗಾರಿಯನ್ನು ವೇಗವಾಗಿ ಮುಗಿಸುವಂತೆ ಸೂಚಿಸಿದರು. ಪ್ರಾಥಮಿಕ ಹಂತವಾಗಿ ಪಿಲ್ಲರ್ ಗಳನ್ನು ಅಳವಡಿಸುವ ಕಾಮಗಾರಿಯಿಂದ ಟ್ರಾಫಿಕ್ ಸಮಸ್ಯೆ ಉಂಟಾಗುತ್ತಿದ್ದು, ಪರ್ಯಾಯ ಮಾರ್ಗ ಕಲ್ಪಿಸಬೇಕು ಎಂದರು. ಶಾಸಕ ಶ್ರೀ ಅರವಿಂದ ಬೆಲ್ಲದ, ಜಿಲ್ಲಾಧಿಕಾರಿ, ಪೊಲೀಸ್ ಆಯುಕ್ತರು, ಮಹಾನಗರ ಪಾಲಿಕೆ ಆಯುಕ್ತರು, ರಾಷ್ಟ್ರೀಯ ಹೆದ್ದಾರಿ ಅಧಿಕಾರಿಗಳು ಭಾಗವಹಿಸಿದ್ದರು.
ಯುವಕರು ದುಶ್ಚಟದಿಂದ ದೂರವಿರಿ
ಕನ್ನಡ ಜನಶ್ರೀ ಸುದ್ದಿ ಜಾಲ
ಅಥಣಿ: ಭಾರತ ಶರಣರ ರಾಷ್ಟ್ರವಾಗಿದ್ದು, ನಮ್ಮ ದೇಶದ ಯುವ ಜನಾಂಗ ಸದೃಢವಾಗಿದ್ದಾಗ ಸಮೃದ್ಧವಾದ ಭಾರತವನ್ನು ಕಟ್ಟಲು ಸಾಧ್ಯವಿದೆ. ನಮ್ಮ ಯುವಕರು ದುಶ್ಚಟಗಳ ದಾಸರಾಗದೆ, ಭವ್ಯ ಭಾರತದ ಒಳ್ಳೆಯ ಪ್ರಜೆಗಳಾಗಿ ಬೆಳೆದು ಉತ್ತಮ ಸಾಧನೆ ಮಾಡಬೇಕು ಎಂದು ಧರ್ಮಸ್ಥಳ ಗ್ರಾಮಾಭಿವೃದ್ಧಿ ಯೋಜನೆಯ ಅಥಣಿ ತಾಲೂಕಿನ ಯೋಜನಾಧಿಕಾರಿ ಹೇಳಿದರು. ಕಾಲೇಜು ವಿದ್ಯಾರ್ಥಿಗಳಿಗೆ ಜಾಗೃತಿ ಕಾರ್ಯಕ್ರಮ ಆಯೋಜಿಸಲಾಗಿತ್ತು. ನಾವು ಆರೋಗ್ಯವಂತರಾಗಿ ಬದುಕಲು ದುಶ್ಚಟಗಳಿಂದ ದೂರವಿರಬೇಕು. ಮಾದಕ ವಸ್ತುಗಳ ವಿರೋಧಿ ದಿನಾಚರಣೆ ಅಂಗವಾಗಿ ಮಾತನಾಡಿದರು. ಮಾದಕ ದ್ರವ್ಯಗಳ ದಾಸರಾಗಿ ತಂದೆ ತಾಯಿ ಪೋಷಕರ ಮಾತು ಕೇಳದೇ ಜೀವನ ಹಾಳು ಮಾಡಿಕೊಳ್ಳುತ್ತಿದ್ದಾರೆ. ಸಮಾಜದ ಅಭಿವೃದ್ಧಿಗೆ ಮಾರಕವಾಗಿದೆ ಎಂದರು. ಪ್ರಾಚಾರ್ಯ ಆರ್ ಪಿ ಮೇಲಿನಮನಿ, ಅಂಬಣ್ಣ ಹಾಜರಿ ಇನ್ನಿತರರಿದ್ದರು.
